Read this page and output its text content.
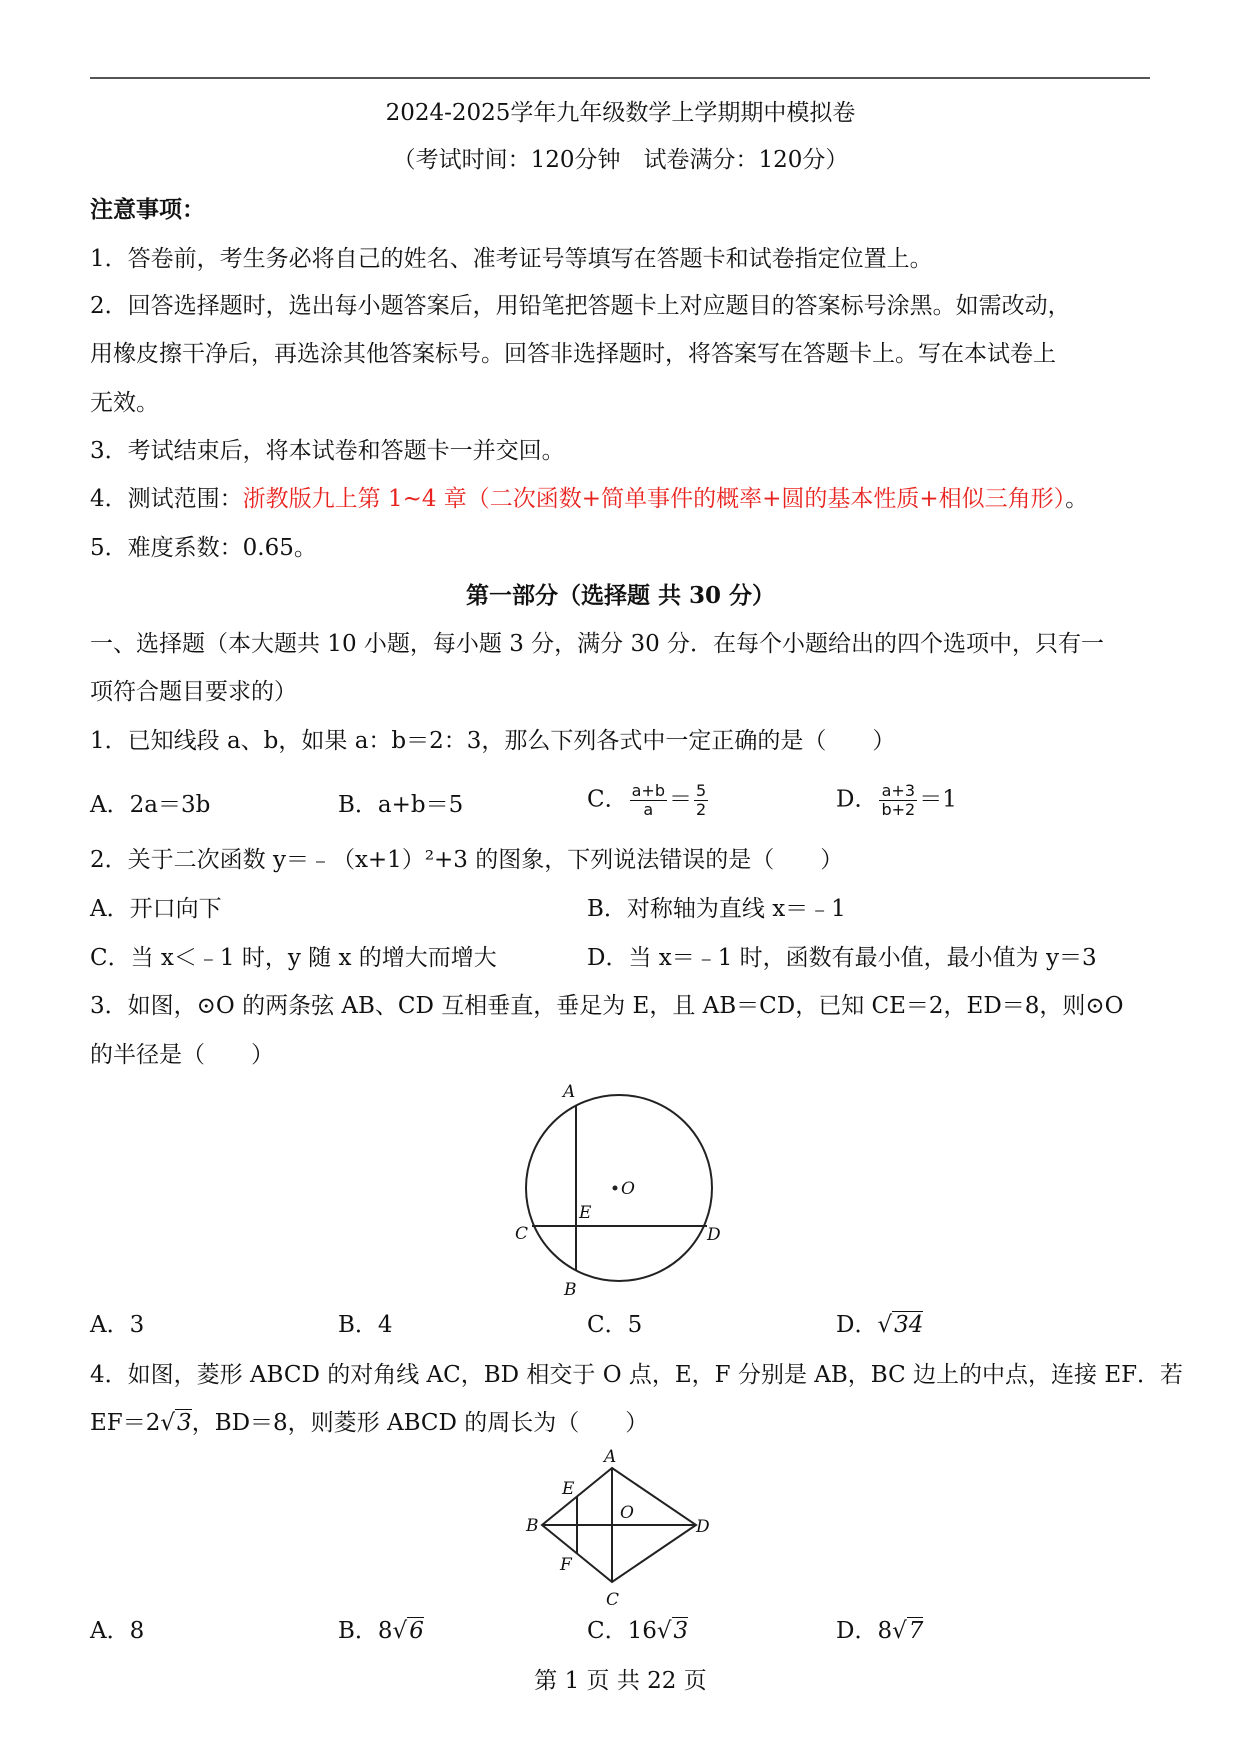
2024-2025学年九年级数学上学期期中模拟卷
（考试时间：120分钟　试卷满分：120分）
注意事项：
1．答卷前，考生务必将自己的姓名、准考证号等填写在答题卡和试卷指定位置上。
2．回答选择题时，选出每小题答案后，用铅笔把答题卡上对应题目的答案标号涂黑。如需改动，
用橡皮擦干净后，再选涂其他答案标号。回答非选择题时，将答案写在答题卡上。写在本试卷上
无效。
3．考试结束后，将本试卷和答题卡一并交回。
4．测试范围：浙教版九上第 1~4 章（二次函数+简单事件的概率+圆的基本性质+相似三角形）。
5．难度系数：0.65。
第一部分（选择题 共 30 分）
一、选择题（本大题共 10 小题，每小题 3 分，满分 30 分．在每个小题给出的四个选项中，只有一
项符合题目要求的）
1．已知线段 a、b，如果 a：b＝2：3，那么下列各式中一定正确的是（　　）
A．2a＝3b	B．a+b＝5	C． $\frac{a+b}{a} = \frac{5}{2}$	D． $\frac{a+3}{b+2} =1$
2．关于二次函数 y＝﹣（x+1）²+3 的图象，下列说法错误的是（　　）
A．开口向下	B．对称轴为直线 x＝﹣1
C．当 x＜﹣1 时，y 随 x 的增大而增大	D．当 x＝﹣1 时，函数有最小值，最小值为 y＝3
3．如图，⊙O 的两条弦 AB、CD 互相垂直，垂足为 E，且 AB＝CD，已知 CE＝2，ED＝8，则⊙O
的半径是（　　）
A
B
C	D
E
O
A．3	B．4	C．5	D．√34
4．如图，菱形 ABCD 的对角线 AC，BD 相交于 O 点，E，F 分别是 AB，BC 边上的中点，连接 EF．若
EF＝2√3，BD＝8，则菱形 ABCD 的周长为（　　）
A
B
C
D
E
F
O
A．8	B．8√6	C．16√3	D．8√7
第 1 页 共 22 页
